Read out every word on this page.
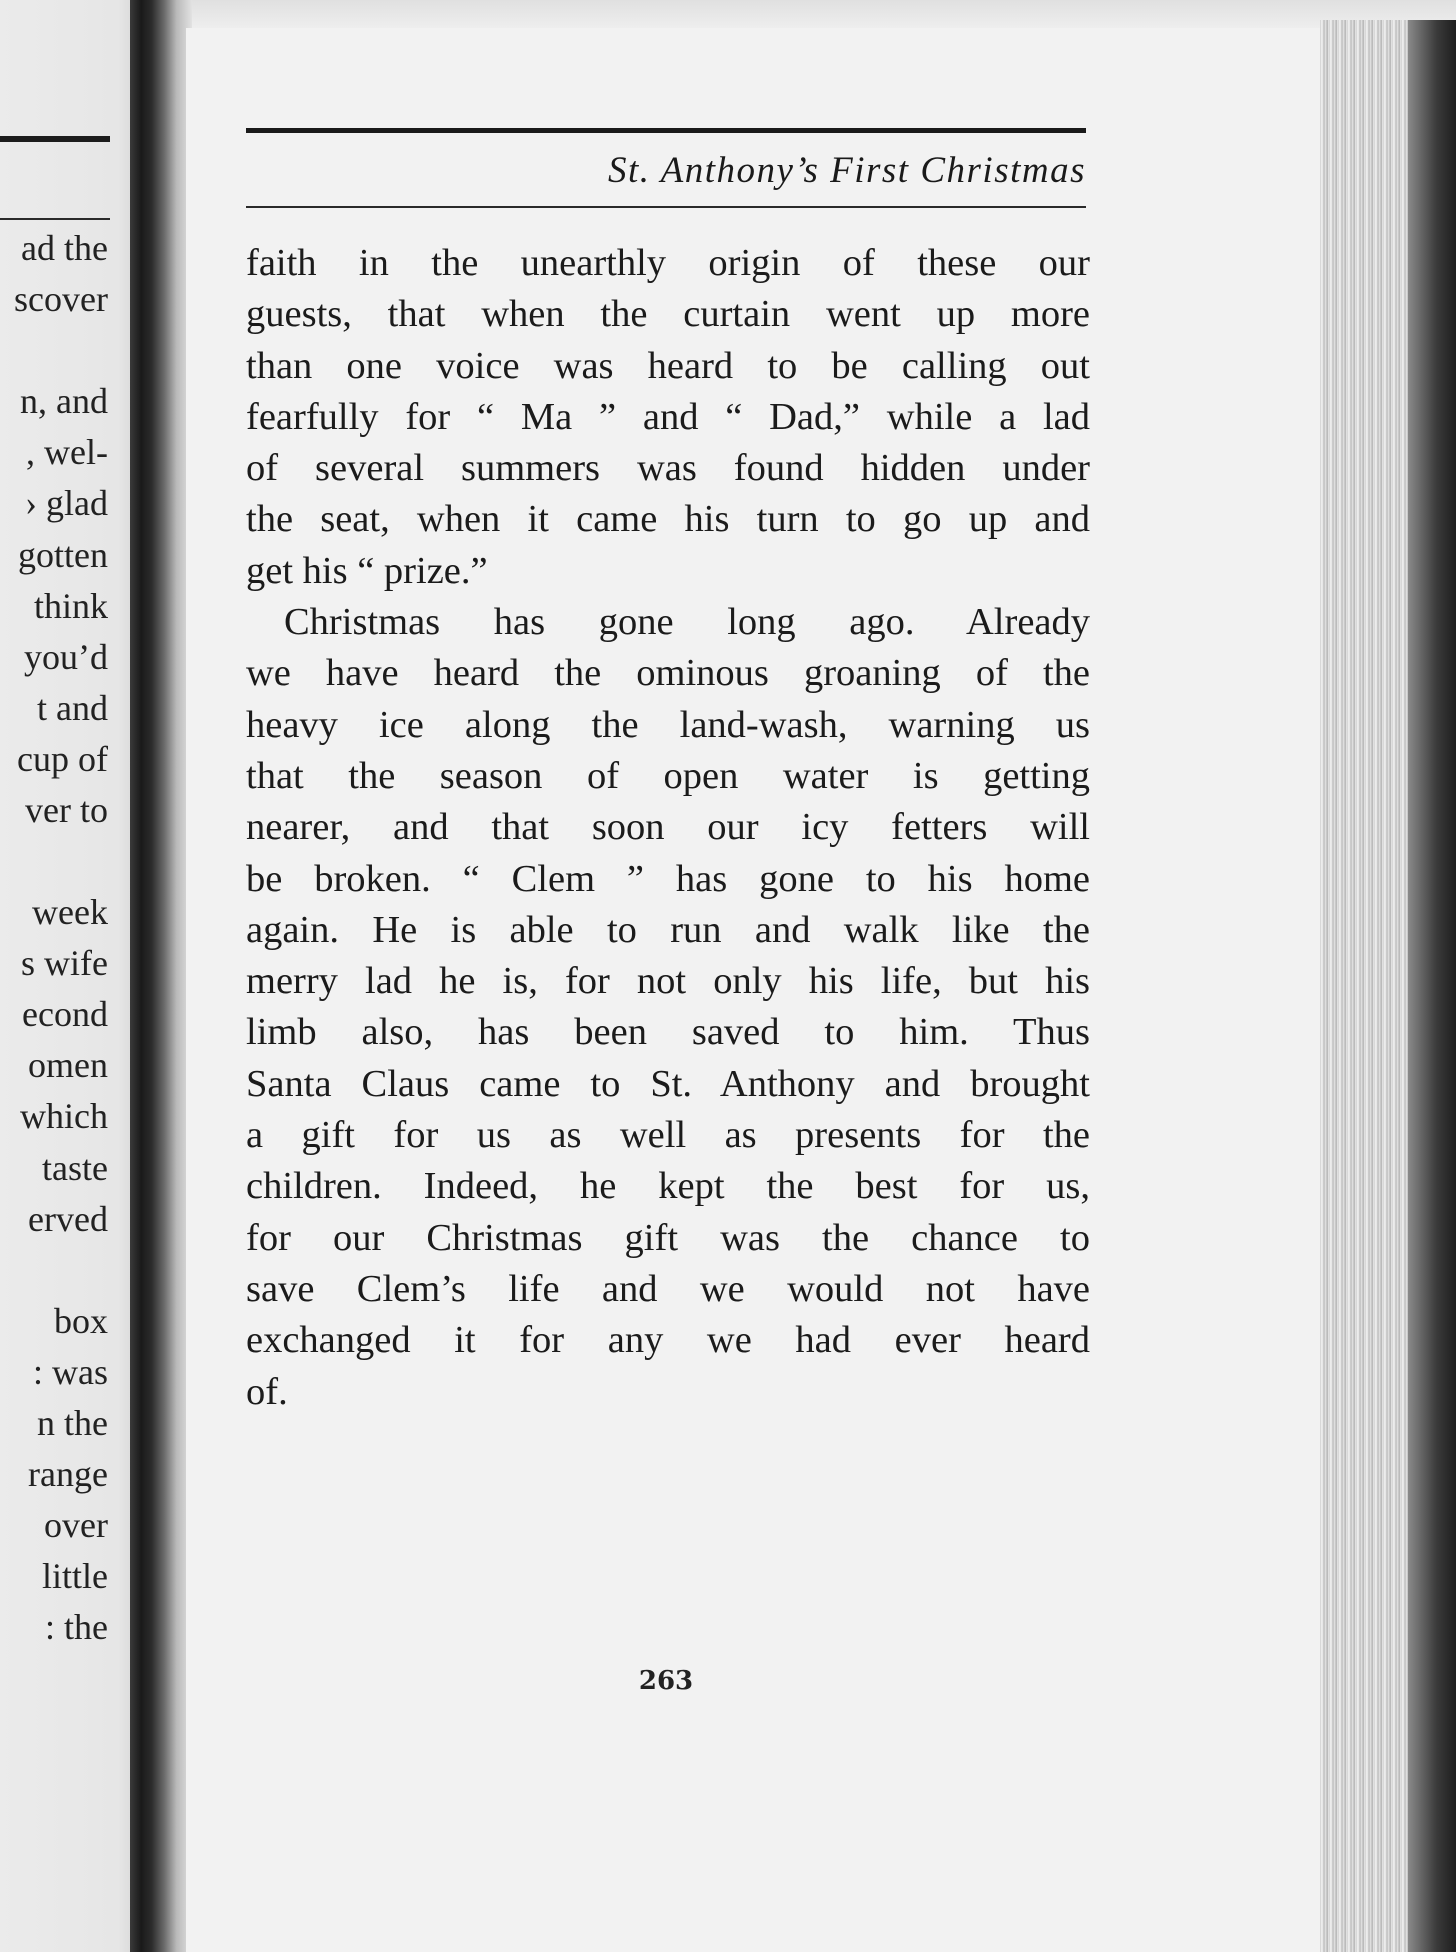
ad the
scover
n, and
, wel-
› glad
gotten
think
you’d
t and
cup of
ver to
week
s wife
econd
omen
which
taste
erved
box
: was
n the
range
over
little
: the
St. Anthony’s First Christmas
faith in the unearthly origin of these our
guests, that when the curtain went up more
than one voice was heard to be calling out
fearfully for “ Ma ” and “ Dad,” while a lad
of several summers was found hidden under
the seat, when it came his turn to go up and
get his “ prize.”
Christmas has gone long ago. Already
we have heard the ominous groaning of the
heavy ice along the land-wash, warning us
that the season of open water is getting
nearer, and that soon our icy fetters will
be broken. “ Clem ” has gone to his home
again. He is able to run and walk like the
merry lad he is, for not only his life, but his
limb also, has been saved to him. Thus
Santa Claus came to St. Anthony and brought
a gift for us as well as presents for the
children. Indeed, he kept the best for us,
for our Christmas gift was the chance to
save Clem’s life and we would not have
exchanged it for any we had ever heard
of.
263
